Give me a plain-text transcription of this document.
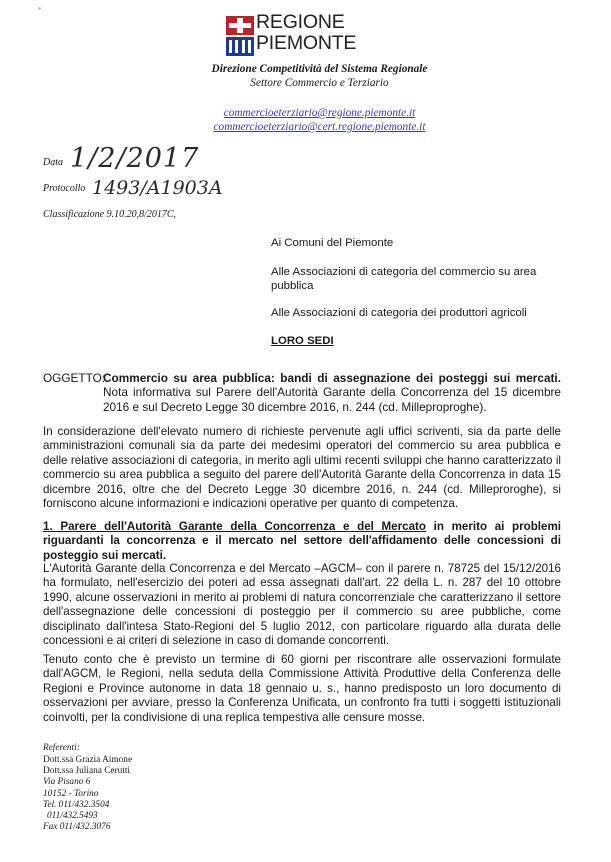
*
REGIONE
PIEMONTE
Direzione Competitività del Sistema Regionale
Settore Commercio e Terziario
commercioeterziario@regione.piemonte.it
commercioeterziario@cert.regione.piemonte.it
Data 1/2/2017
Protocollo 1493/A1903A
Classificazione 9.10.20,8/2017C,
Ai Comuni del Piemonte
Alle Associazioni di categoria del commercio su area pubblica
Alle Associazioni di categoria dei produttori agricoli
LORO SEDI
OGGETTO:
Commercio su area pubblica: bandi di assegnazione dei posteggi sui mercati. Nota informativa sul Parere dell'Autorità Garante della Concorrenza del 15 dicembre 2016 e sul Decreto Legge 30 dicembre 2016, n. 244 (cd. Milleproproghe).
In considerazione dell'elevato numero di richieste pervenute agli uffici scriventi, sia da parte delle amministrazioni comunali sia da parte dei medesimi operatori del commercio su area pubblica e delle relative associazioni di categoria, in merito agli ultimi recenti sviluppi che hanno caratterizzato il commercio su area pubblica a seguito del parere dell'Autorità Garante della Concorrenza in data 15 dicembre 2016, oltre che del Decreto Legge 30 dicembre 2016, n. 244 (cd. Milleproroghe), si forniscono alcune informazioni e indicazioni operative per quanto di competenza.
1. Parere dell'Autorità Garante della Concorrenza e del Mercato in merito ai problemi riguardanti la concorrenza e il mercato nel settore dell'affidamento delle concessioni di posteggio sui mercati.
L'Autorità Garante della Concorrenza e del Mercato –AGCM– con il parere n. 78725 del 15/12/2016 ha formulato, nell'esercizio dei poteri ad essa assegnati dall'art. 22 della L. n. 287 del 10 ottobre 1990, alcune osservazioni in merito ai problemi di natura concorrenziale che caratterizzano il settore dell'assegnazione delle concessioni di posteggio per il commercio su aree pubbliche, come disciplinato dall'intesa Stato-Regioni del 5 luglio 2012, con particolare riguardo alla durata delle concessioni e ai criteri di selezione in caso di domande concorrenti.
Tenuto conto che è previsto un termine di 60 giorni per riscontrare alle osservazioni formulate dall'AGCM, le Regioni, nella seduta della Commissione Attività Produttive della Conferenza delle Regioni e Province autonome in data 18 gennaio u. s., hanno predisposto un loro documento di osservazioni per avviare, presso la Conferenza Unificata, un confronto fra tutti i soggetti istituzionali coinvolti, per la condivisione di una replica tempestiva alle censure mosse.
Referenti:
Dott.ssa Grazia Aimone
Dott.ssa Juliana Cerutti
Via Pisano 6
10152 - Torino
Tel. 011/432.3504
011/432.5493
Fax 011/432.3076
